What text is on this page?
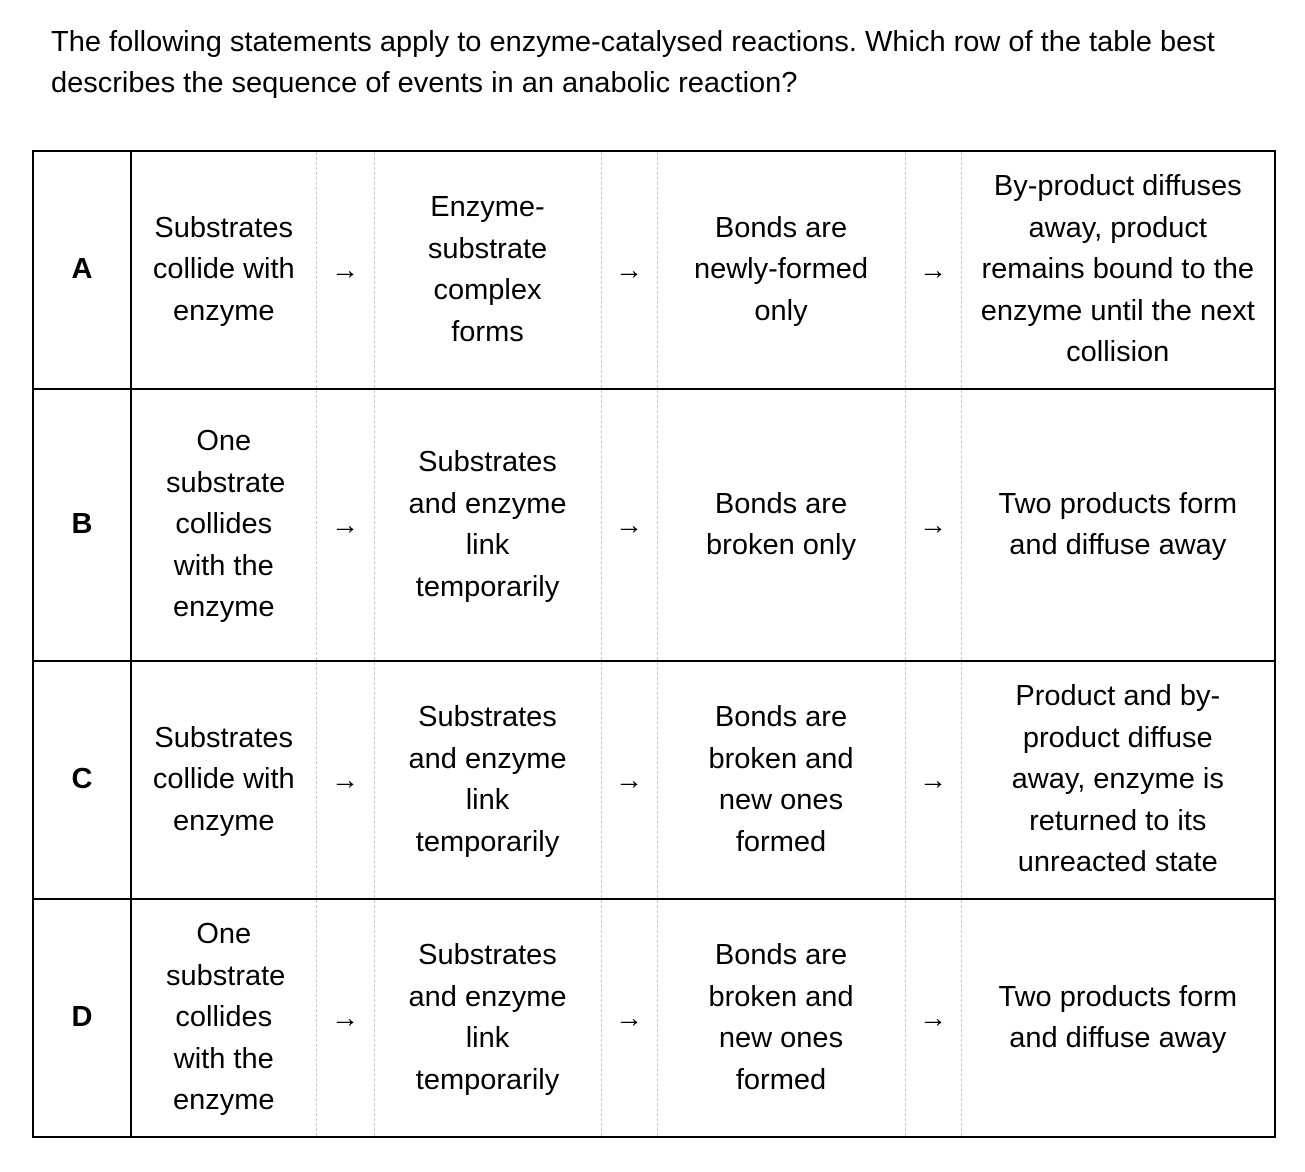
The following statements apply to enzyme-catalysed reactions. Which row of the table best describes the sequence of events in an anabolic reaction?

A	Substrates collide with enzyme	→	Enzyme-substrate complex forms	→	Bonds are newly-formed only	→	By-product diffuses away, product remains bound to the enzyme until the next collision
B	One substrate collides with the enzyme	→	Substrates and enzyme link temporarily	→	Bonds are broken only	→	Two products form and diffuse away
C	Substrates collide with enzyme	→	Substrates and enzyme link temporarily	→	Bonds are broken and new ones formed	→	Product and by-product diffuse away, enzyme is returned to its unreacted state
D	One substrate collides with the enzyme	→	Substrates and enzyme link temporarily	→	Bonds are broken and new ones formed	→	Two products form and diffuse away
